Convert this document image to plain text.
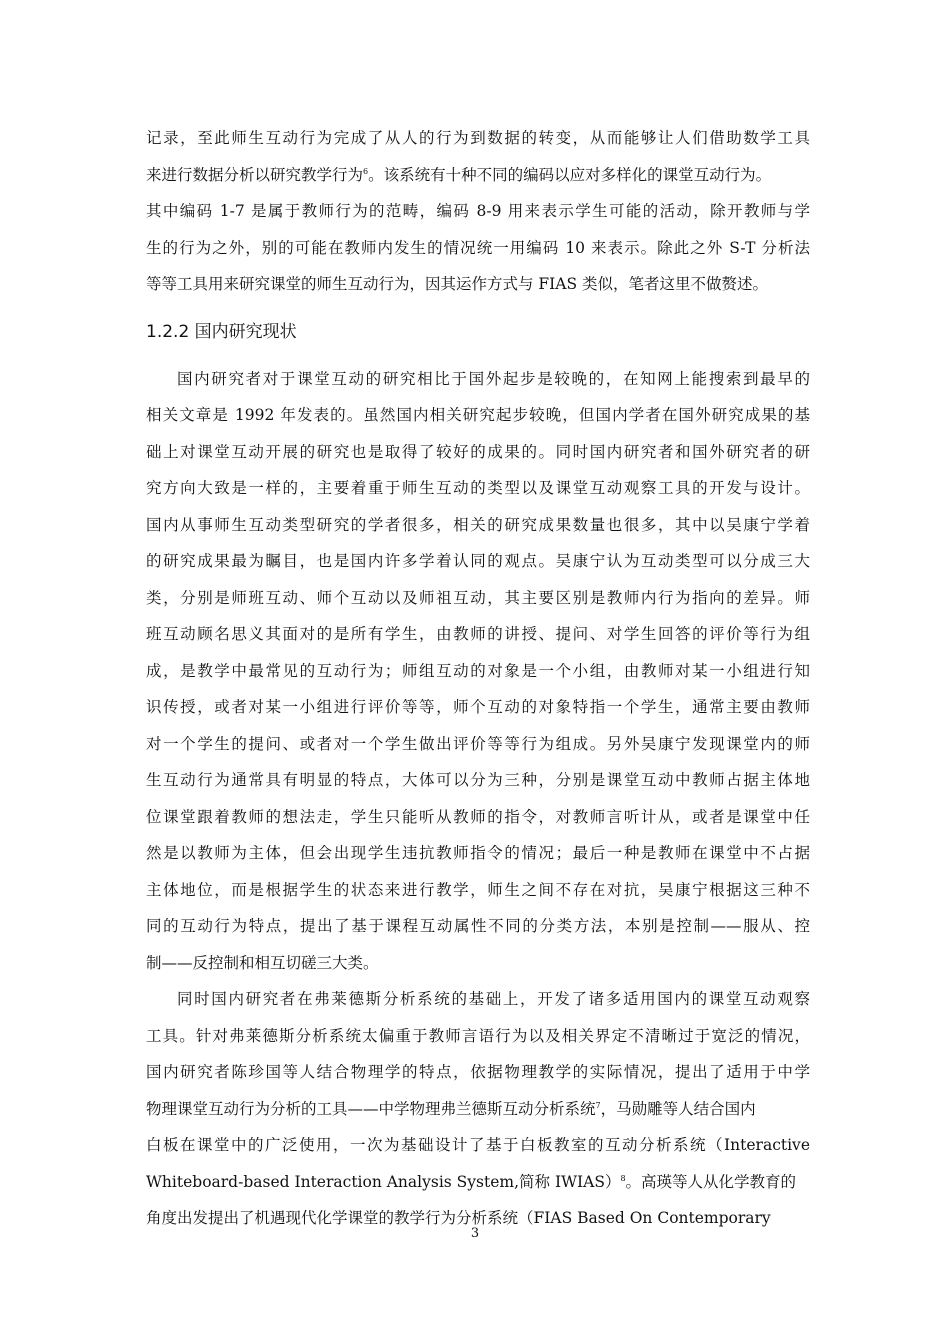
记录，至此师生互动行为完成了从人的行为到数据的转变，从而能够让人们借助数学工具
来进行数据分析以研究教学行为$^6$。该系统有十种不同的编码以应对多样化的课堂互动行为。
其中编码 1-7 是属于教师行为的范畴，编码 8-9 用来表示学生可能的活动，除开教师与学
生的行为之外，别的可能在教师内发生的情况统一用编码 10 来表示。除此之外 S-T 分析法
等等工具用来研究课堂的师生互动行为，因其运作方式与 FIAS 类似，笔者这里不做赘述。
1.2.2 国内研究现状
国内研究者对于课堂互动的研究相比于国外起步是较晚的，在知网上能搜索到最早的
相关文章是 1992 年发表的。虽然国内相关研究起步较晚，但国内学者在国外研究成果的基
础上对课堂互动开展的研究也是取得了较好的成果的。同时国内研究者和国外研究者的研
究方向大致是一样的，主要着重于师生互动的类型以及课堂互动观察工具的开发与设计。
国内从事师生互动类型研究的学者很多，相关的研究成果数量也很多，其中以吴康宁学着
的研究成果最为瞩目，也是国内许多学着认同的观点。吴康宁认为互动类型可以分成三大
类，分别是师班互动、师个互动以及师祖互动，其主要区别是教师内行为指向的差异。师
班互动顾名思义其面对的是所有学生，由教师的讲授、提问、对学生回答的评价等行为组
成，是教学中最常见的互动行为；师组互动的对象是一个小组，由教师对某一小组进行知
识传授，或者对某一小组进行评价等等，师个互动的对象特指一个学生，通常主要由教师
对一个学生的提问、或者对一个学生做出评价等等行为组成。另外吴康宁发现课堂内的师
生互动行为通常具有明显的特点，大体可以分为三种，分别是课堂互动中教师占据主体地
位课堂跟着教师的想法走，学生只能听从教师的指令，对教师言听计从，或者是课堂中任
然是以教师为主体，但会出现学生违抗教师指令的情况；最后一种是教师在课堂中不占据
主体地位，而是根据学生的状态来进行教学，师生之间不存在对抗，吴康宁根据这三种不
同的互动行为特点，提出了基于课程互动属性不同的分类方法，本别是控制——服从、控
制——反控制和相互切磋三大类。
同时国内研究者在弗莱德斯分析系统的基础上，开发了诸多适用国内的课堂互动观察
工具。针对弗莱德斯分析系统太偏重于教师言语行为以及相关界定不清晰过于宽泛的情况，
国内研究者陈珍国等人结合物理学的特点，依据物理教学的实际情况，提出了适用于中学
物理课堂互动行为分析的工具——中学物理弗兰德斯互动分析系统$^7$，马勋雕等人结合国内
白板在课堂中的广泛使用，一次为基础设计了基于白板教室的互动分析系统（Interactive
Whiteboard-based Interaction Analysis System,简称 IWIAS）$^8$。高瑛等人从化学教育的
角度出发提出了机遇现代化学课堂的教学行为分析系统（FIAS Based On Contemporary
3
